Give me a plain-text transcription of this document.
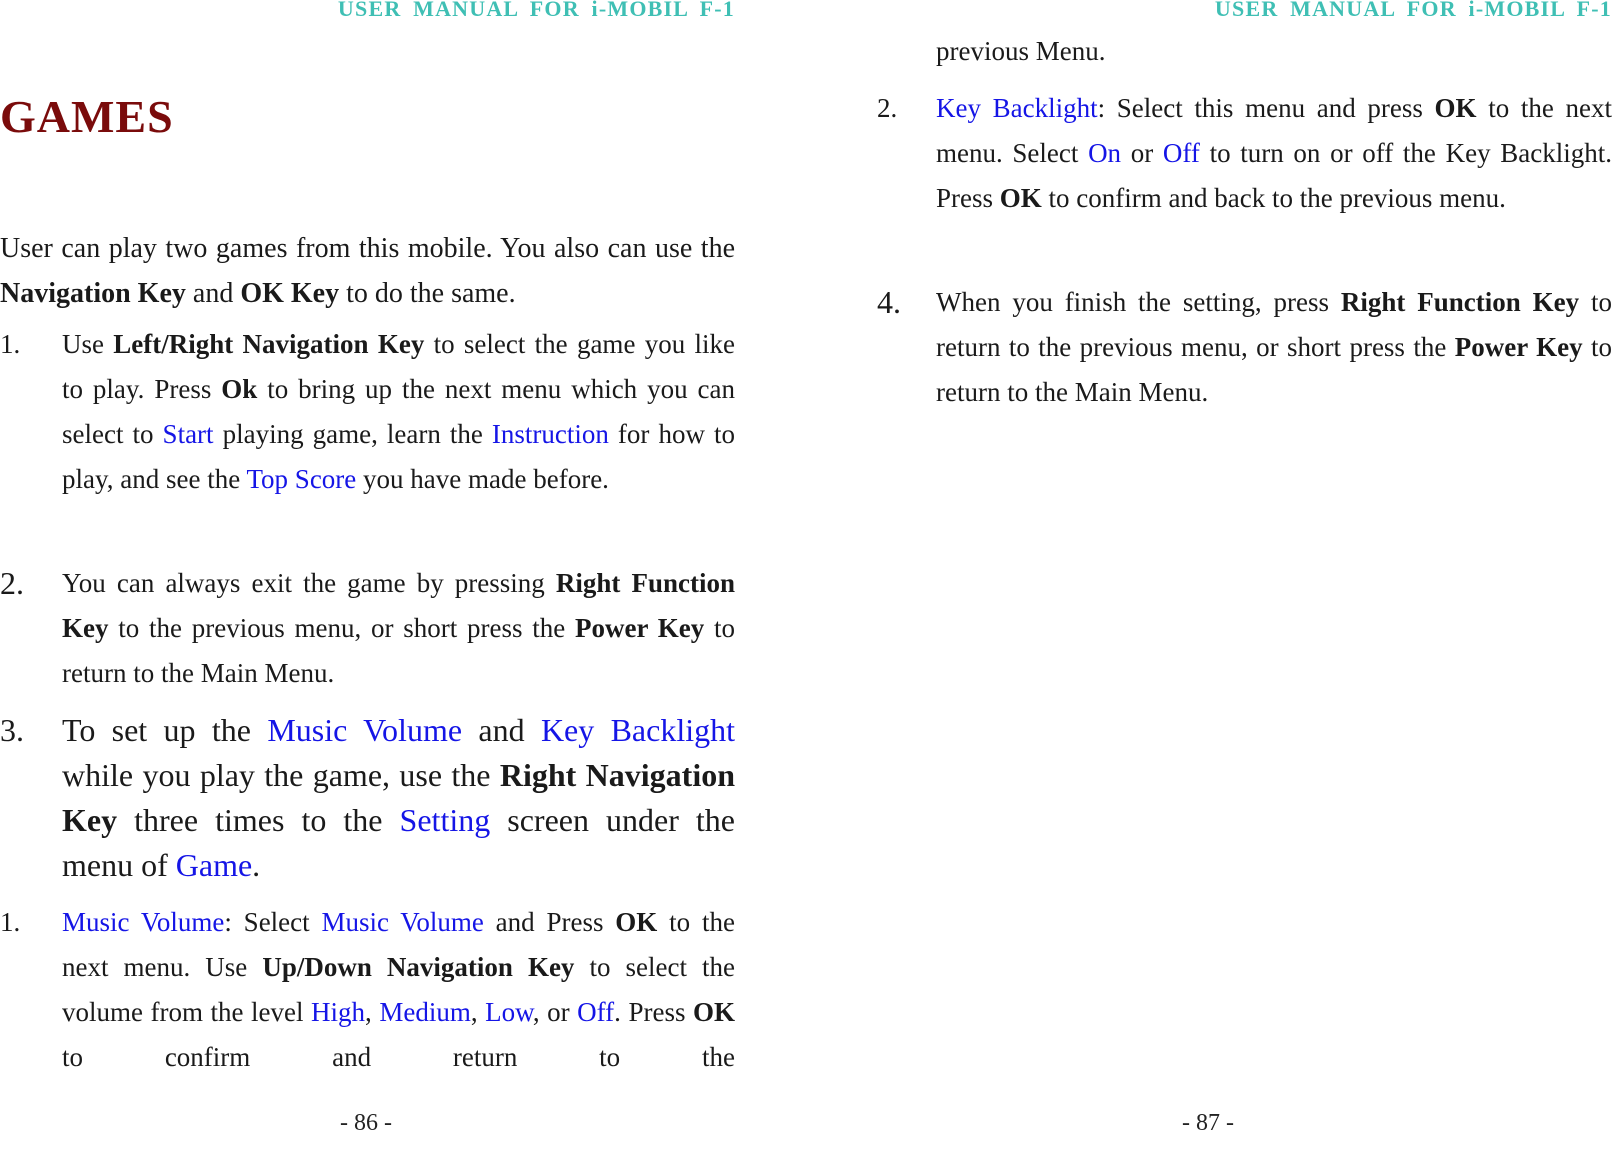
USER MANUAL FOR i-MOBIL F-1
GAMES

User can play two games from this mobile. You also can use the Navigation Key and OK Key to do the same.

1. Use Left/Right Navigation Key to select the game you like to play. Press Ok to bring up the next menu which you can select to Start playing game, learn the Instruction for how to play, and see the Top Score you have made before.

2. You can always exit the game by pressing Right Function Key to the previous menu, or short press the Power Key to return to the Main Menu.

3. To set up the Music Volume and Key Backlight while you play the game, use the Right Navigation Key three times to the Setting screen under the menu of Game.

1. Music Volume: Select Music Volume and Press OK to the next menu. Use Up/Down Navigation Key to select the volume from the level High, Medium, Low, or Off. Press OK to confirm and return to the

- 86 -
USER MANUAL FOR i-MOBIL F-1

previous Menu.

2. Key Backlight: Select this menu and press OK to the next menu. Select On or Off to turn on or off the Key Backlight. Press OK to confirm and back to the previous menu.

4. When you finish the setting, press Right Function Key to return to the previous menu, or short press the Power Key to return to the Main Menu.

- 87 -
